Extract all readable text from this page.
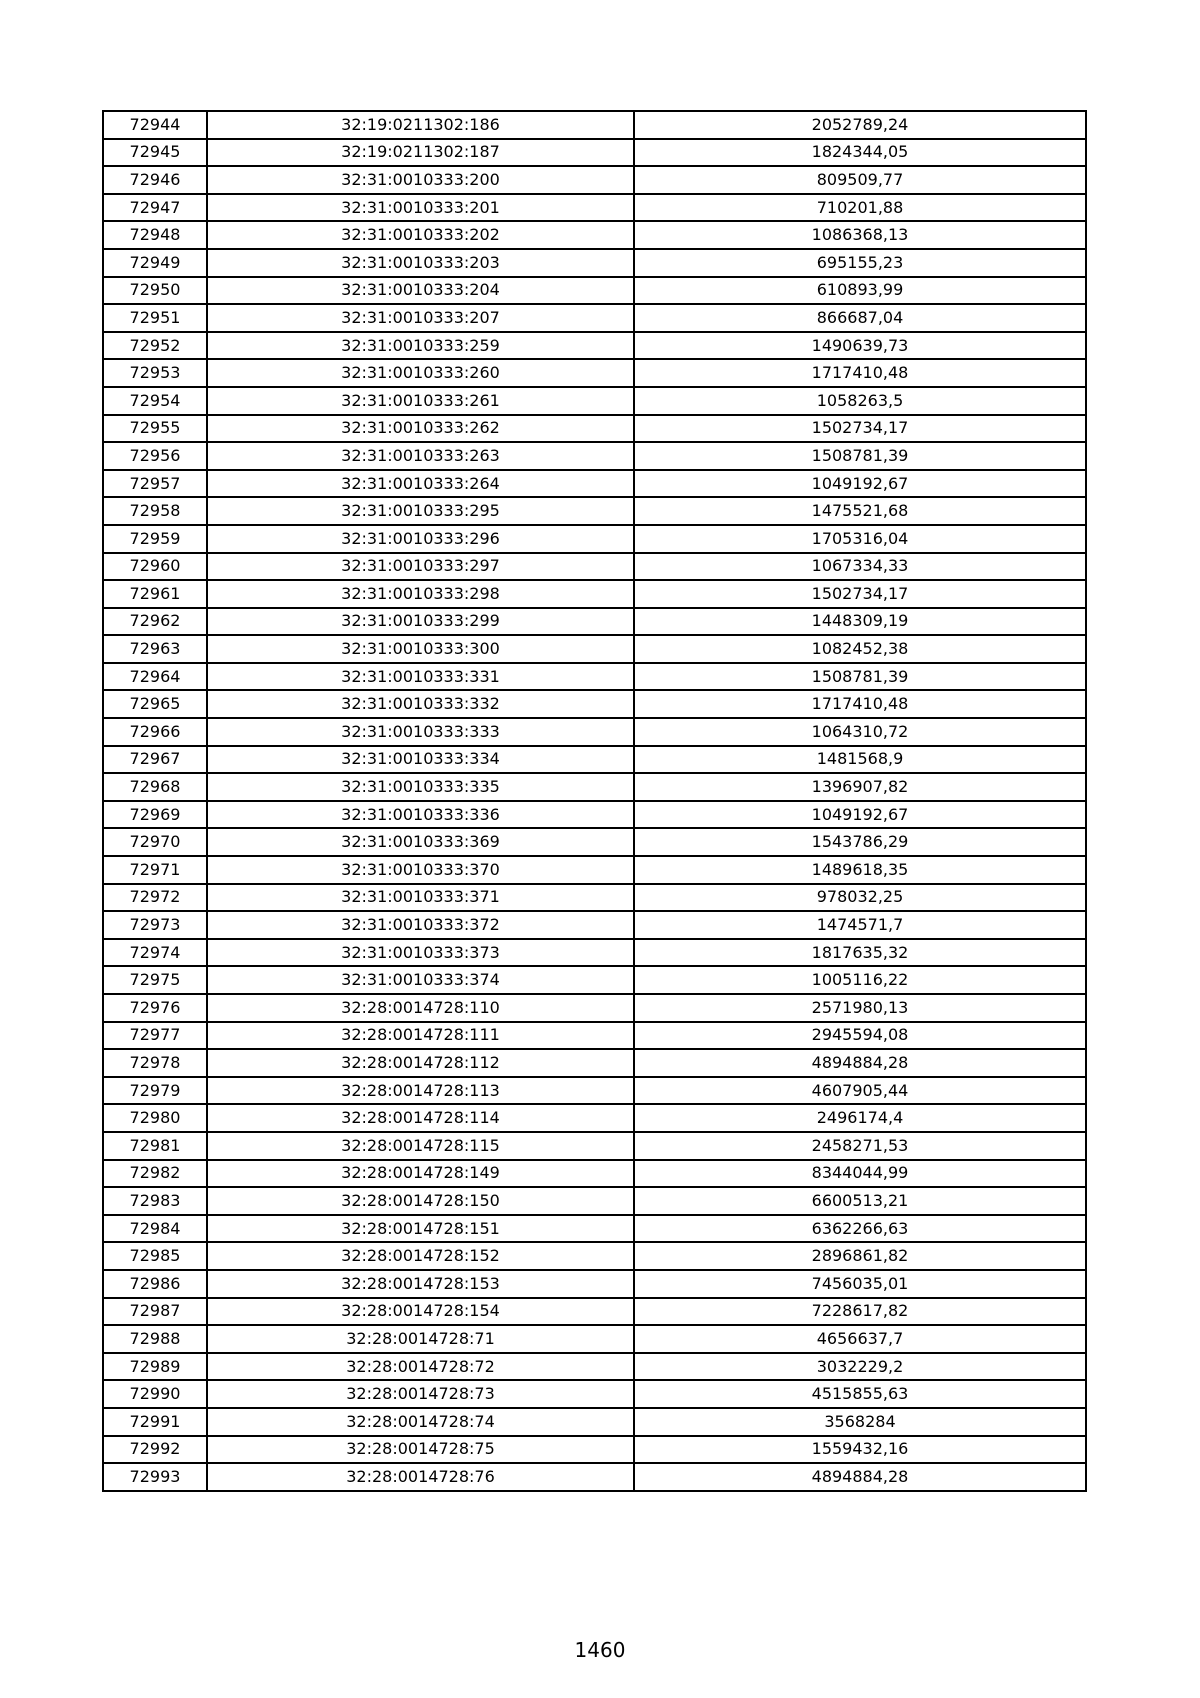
72944	32:19:0211302:186	2052789,24
72945	32:19:0211302:187	1824344,05
72946	32:31:0010333:200	809509,77
72947	32:31:0010333:201	710201,88
72948	32:31:0010333:202	1086368,13
72949	32:31:0010333:203	695155,23
72950	32:31:0010333:204	610893,99
72951	32:31:0010333:207	866687,04
72952	32:31:0010333:259	1490639,73
72953	32:31:0010333:260	1717410,48
72954	32:31:0010333:261	1058263,5
72955	32:31:0010333:262	1502734,17
72956	32:31:0010333:263	1508781,39
72957	32:31:0010333:264	1049192,67
72958	32:31:0010333:295	1475521,68
72959	32:31:0010333:296	1705316,04
72960	32:31:0010333:297	1067334,33
72961	32:31:0010333:298	1502734,17
72962	32:31:0010333:299	1448309,19
72963	32:31:0010333:300	1082452,38
72964	32:31:0010333:331	1508781,39
72965	32:31:0010333:332	1717410,48
72966	32:31:0010333:333	1064310,72
72967	32:31:0010333:334	1481568,9
72968	32:31:0010333:335	1396907,82
72969	32:31:0010333:336	1049192,67
72970	32:31:0010333:369	1543786,29
72971	32:31:0010333:370	1489618,35
72972	32:31:0010333:371	978032,25
72973	32:31:0010333:372	1474571,7
72974	32:31:0010333:373	1817635,32
72975	32:31:0010333:374	1005116,22
72976	32:28:0014728:110	2571980,13
72977	32:28:0014728:111	2945594,08
72978	32:28:0014728:112	4894884,28
72979	32:28:0014728:113	4607905,44
72980	32:28:0014728:114	2496174,4
72981	32:28:0014728:115	2458271,53
72982	32:28:0014728:149	8344044,99
72983	32:28:0014728:150	6600513,21
72984	32:28:0014728:151	6362266,63
72985	32:28:0014728:152	2896861,82
72986	32:28:0014728:153	7456035,01
72987	32:28:0014728:154	7228617,82
72988	32:28:0014728:71	4656637,7
72989	32:28:0014728:72	3032229,2
72990	32:28:0014728:73	4515855,63
72991	32:28:0014728:74	3568284
72992	32:28:0014728:75	1559432,16
72993	32:28:0014728:76	4894884,28
1460
